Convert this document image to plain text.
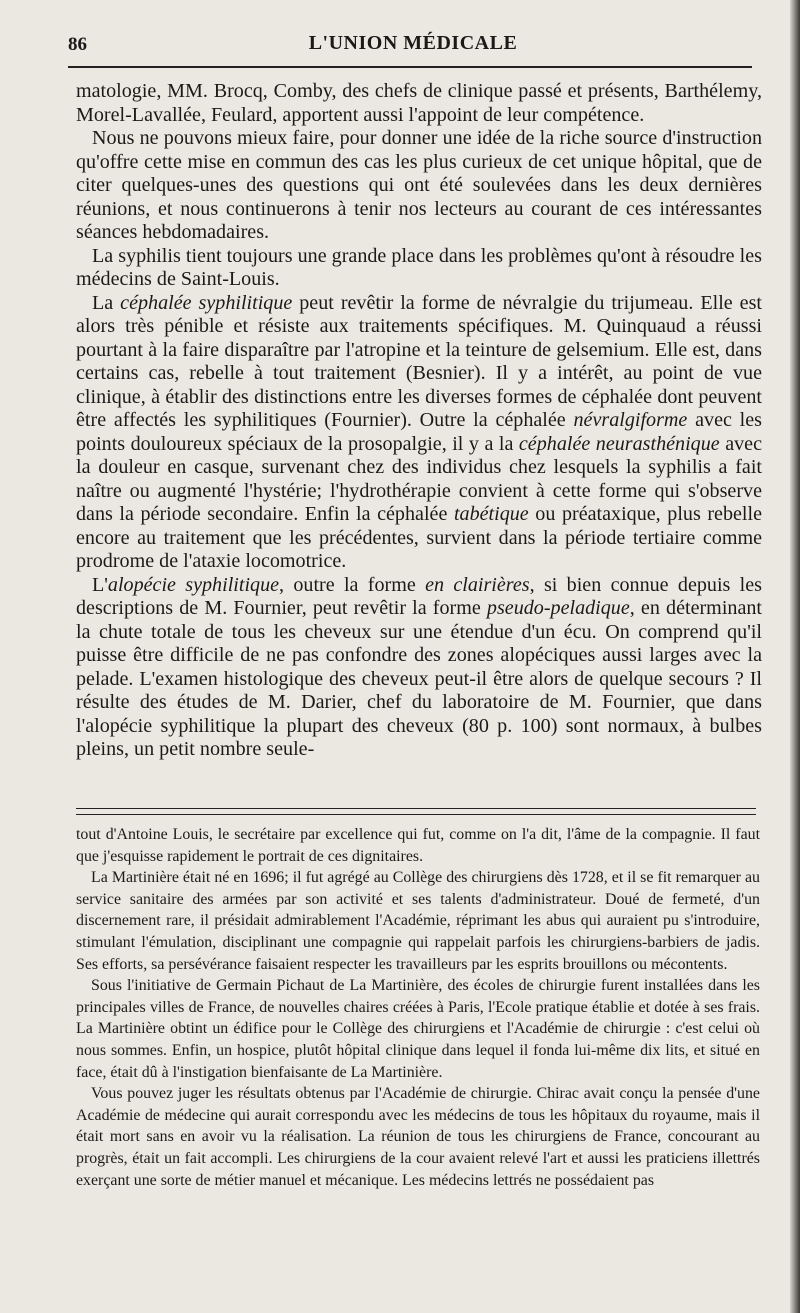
86	L'UNION MÉDICALE

matologie, MM. Brocq, Comby, des chefs de clinique passé et présents, Barthélemy, Morel-Lavallée, Feulard, apportent aussi l'appoint de leur compétence.

Nous ne pouvons mieux faire, pour donner une idée de la riche source d'instruction qu'offre cette mise en commun des cas les plus curieux de cet unique hôpital, que de citer quelques-unes des questions qui ont été soulevées dans les deux dernières réunions, et nous continuerons à tenir nos lecteurs au courant de ces intéressantes séances hebdomadaires.

La syphilis tient toujours une grande place dans les problèmes qu'ont à résoudre les médecins de Saint-Louis.

La céphalée syphilitique peut revêtir la forme de névralgie du trijumeau. Elle est alors très pénible et résiste aux traitements spécifiques. M. Quinquaud a réussi pourtant à la faire disparaître par l'atropine et la teinture de gelsemium. Elle est, dans certains cas, rebelle à tout traitement (Besnier). Il y a intérêt, au point de vue clinique, à établir des distinctions entre les diverses formes de céphalée dont peuvent être affectés les syphilitiques (Fournier). Outre la céphalée névralgiforme avec les points douloureux spéciaux de la prosopalgie, il y a la céphalée neurasthénique avec la douleur en casque, survenant chez des individus chez lesquels la syphilis a fait naître ou augmenté l'hystérie; l'hydrothérapie convient à cette forme qui s'observe dans la période secondaire. Enfin la céphalée tabétique ou préataxique, plus rebelle encore au traitement que les précédentes, survient dans la période tertiaire comme prodrome de l'ataxie locomotrice.

L'alopécie syphilitique, outre la forme en clairières, si bien connue depuis les descriptions de M. Fournier, peut revêtir la forme pseudo-peladique, en déterminant la chute totale de tous les cheveux sur une étendue d'un écu. On comprend qu'il puisse être difficile de ne pas confondre des zones alopéciques aussi larges avec la pelade. L'examen histologique des cheveux peut-il être alors de quelque secours ? Il résulte des études de M. Darier, chef du laboratoire de M. Fournier, que dans l'alopécie syphilitique la plupart des cheveux (80 p. 100) sont normaux, à bulbes pleins, un petit nombre seule-

tout d'Antoine Louis, le secrétaire par excellence qui fut, comme on l'a dit, l'âme de la compagnie. Il faut que j'esquisse rapidement le portrait de ces dignitaires.

La Martinière était né en 1696; il fut agrégé au Collège des chirurgiens dès 1728, et il se fit remarquer au service sanitaire des armées par son activité et ses talents d'administrateur. Doué de fermeté, d'un discernement rare, il présidait admirablement l'Académie, réprimant les abus qui auraient pu s'introduire, stimulant l'émulation, disciplinant une compagnie qui rappelait parfois les chirurgiens-barbiers de jadis. Ses efforts, sa persévérance faisaient respecter les travailleurs par les esprits brouillons ou mécontents.

Sous l'initiative de Germain Pichaut de La Martinière, des écoles de chirurgie furent installées dans les principales villes de France, de nouvelles chaires créées à Paris, l'Ecole pratique établie et dotée à ses frais. La Martinière obtint un édifice pour le Collège des chirurgiens et l'Académie de chirurgie : c'est celui où nous sommes. Enfin, un hospice, plutôt hôpital clinique dans lequel il fonda lui-même dix lits, et situé en face, était dû à l'instigation bienfaisante de La Martinière.

Vous pouvez juger les résultats obtenus par l'Académie de chirurgie. Chirac avait conçu la pensée d'une Académie de médecine qui aurait correspondu avec les médecins de tous les hôpitaux du royaume, mais il était mort sans en avoir vu la réalisation. La réunion de tous les chirurgiens de France, concourant au progrès, était un fait accompli. Les chirurgiens de la cour avaient relevé l'art et aussi les praticiens illettrés exerçant une sorte de métier manuel et mécanique. Les médecins lettrés ne possédaient pas
